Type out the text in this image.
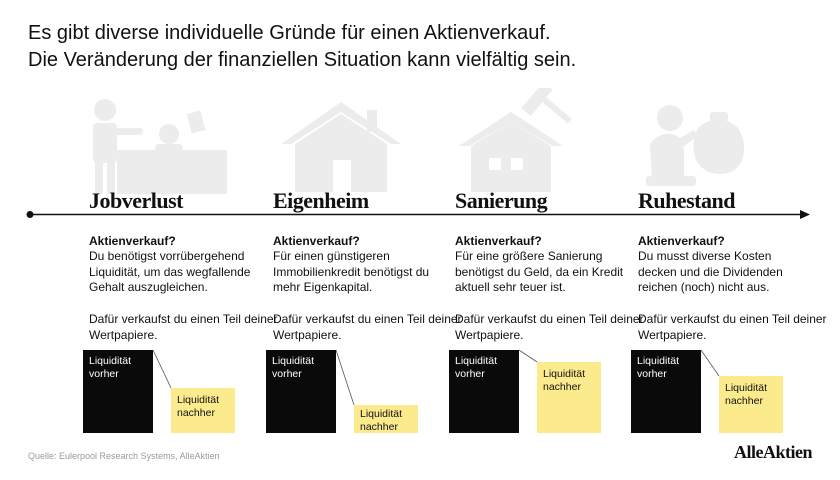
Es gibt diverse individuelle Gründe für einen Aktienverkauf.
Die Veränderung der finanziellen Situation kann vielfältig sein.
Jobverlust
Aktienverkauf?
Du benötigst vorrübergehend Liquidität, um das wegfallende Gehalt auszugleichen.
Dafür verkaufst du einen Teil deiner Wertpapiere.
Liquidität vorher
Liquidität nachher
Eigenheim
Aktienverkauf?
Für einen günstigeren Immobilienkredit benötigst du mehr Eigenkapital.
Dafür verkaufst du einen Teil deiner Wertpapiere.
Liquidität vorher
Liquidität nachher
Sanierung
Aktienverkauf?
Für eine größere Sanierung benötigst du Geld, da ein Kredit aktuell sehr teuer ist.
Dafür verkaufst du einen Teil deiner Wertpapiere.
Liquidität vorher	Liquidität nachher
Ruhestand
Aktienverkauf?
Du musst diverse Kosten decken und die Dividenden reichen (noch) nicht aus.
Dafür verkaufst du einen Teil deiner Wertpapiere.
Liquidität vorher
Liquidität nachher
Quelle: Eulerpool Research Systems, AlleAktien	AlleAktien
